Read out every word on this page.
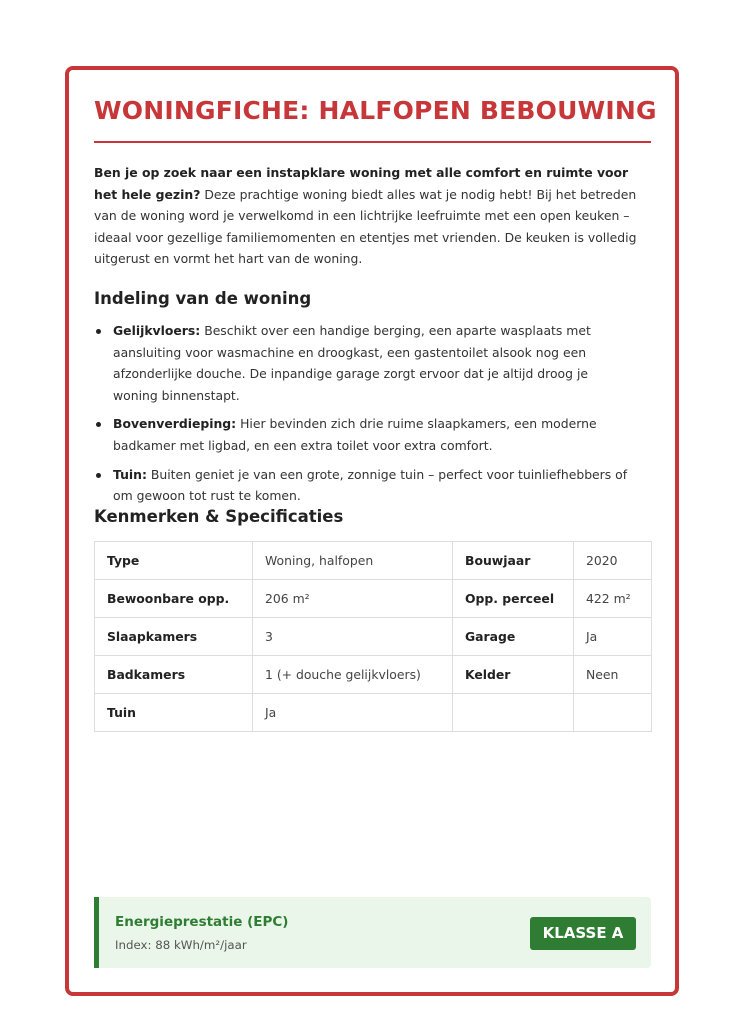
WONINGFICHE: HALFOPEN BEBOUWING

Ben je op zoek naar een instapklare woning met alle comfort en ruimte voor het hele gezin? Deze prachtige woning biedt alles wat je nodig hebt! Bij het betreden van de woning word je verwelkomd in een lichtrijke leefruimte met een open keuken – ideaal voor gezellige familiemomenten en etentjes met vrienden. De keuken is volledig uitgerust en vormt het hart van de woning.

Indeling van de woning
Gelijkvloers: Beschikt over een handige berging, een aparte wasplaats met aansluiting voor wasmachine en droogkast, een gastentoilet alsook nog een afzonderlijke douche. De inpandige garage zorgt ervoor dat je altijd droog je woning binnenstapt.
Bovenverdieping: Hier bevinden zich drie ruime slaapkamers, een moderne badkamer met ligbad, en een extra toilet voor extra comfort.
Tuin: Buiten geniet je van een grote, zonnige tuin – perfect voor tuinliefhebbers of om gewoon tot rust te komen.
Kenmerken & Specificaties
Type	Woning, halfopen	Bouwjaar	2020
Bewoonbare opp.	206 m²	Opp. perceel	422 m²
Slaapkamers	3	Garage	Ja
Badkamers	1 (+ douche gelijkvloers)	Kelder	Neen
Tuin	Ja		
Energieprestatie (EPC)
Index: 88 kWh/m²/jaar
KLASSE A
